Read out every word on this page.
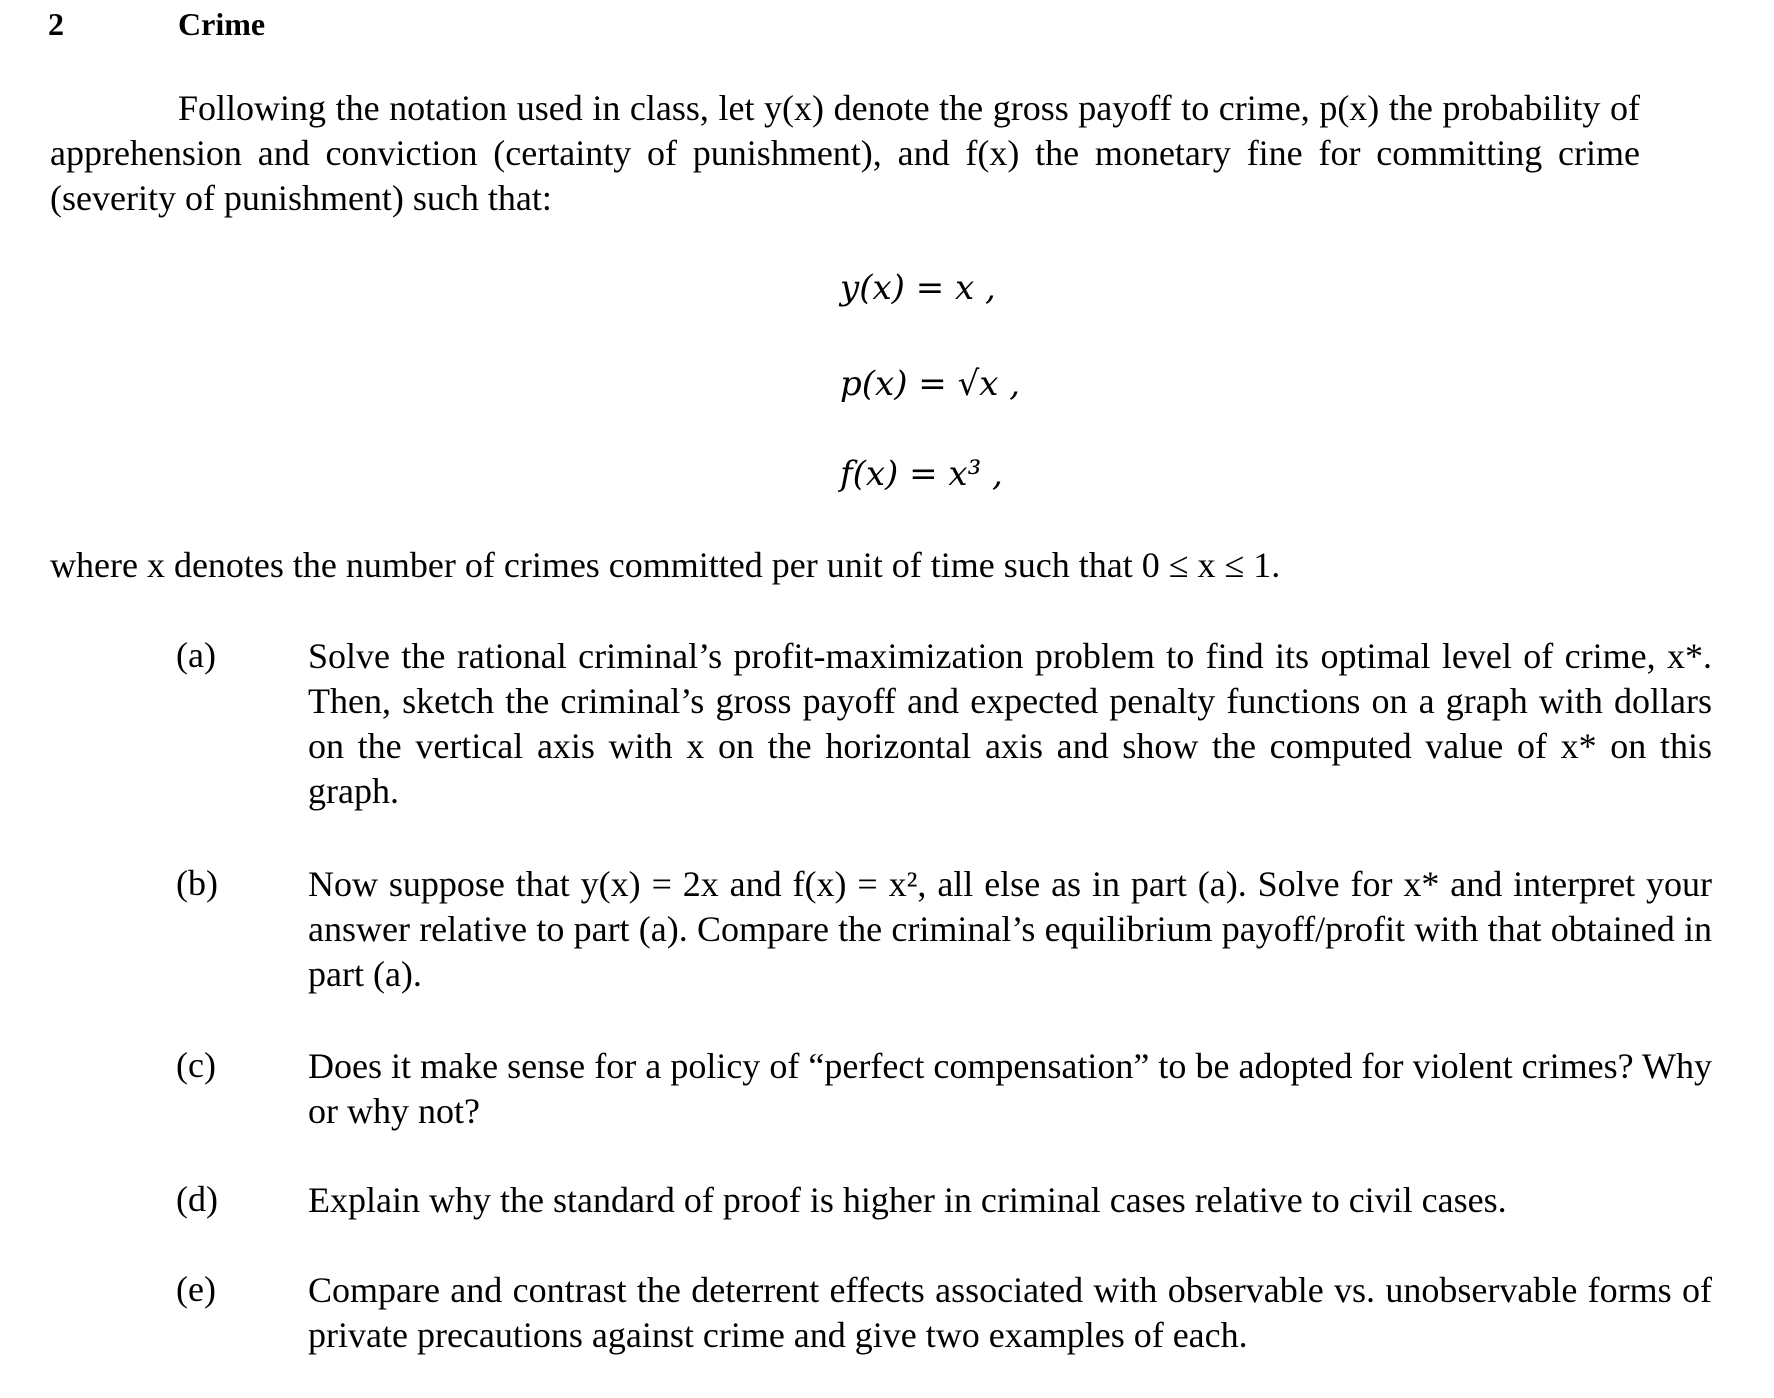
2	Crime

Following the notation used in class, let y(x) denote the gross payoff to crime, p(x) the probability of apprehension and conviction (certainty of punishment), and f(x) the monetary fine for committing crime (severity of punishment) such that:

y(x) = x ,
p(x) = √x ,
f(x) = x³ ,
where x denotes the number of crimes committed per unit of time such that 0 ≤ x ≤ 1.
(a)	Solve the rational criminal’s profit-maximization problem to find its optimal level of crime, x*. Then, sketch the criminal’s gross payoff and expected penalty functions on a graph with dollars on the vertical axis with x on the horizontal axis and show the computed value of x* on this graph.

(b)	Now suppose that y(x) = 2x and f(x) = x², all else as in part (a). Solve for x* and interpret your answer relative to part (a). Compare the criminal’s equilibrium payoff/profit with that obtained in part (a).

(c)	Does it make sense for a policy of “perfect compensation” to be adopted for violent crimes? Why or why not?

(d)	Explain why the standard of proof is higher in criminal cases relative to civil cases.

(e)	Compare and contrast the deterrent effects associated with observable vs. unobservable forms of private precautions against crime and give two examples of each.
